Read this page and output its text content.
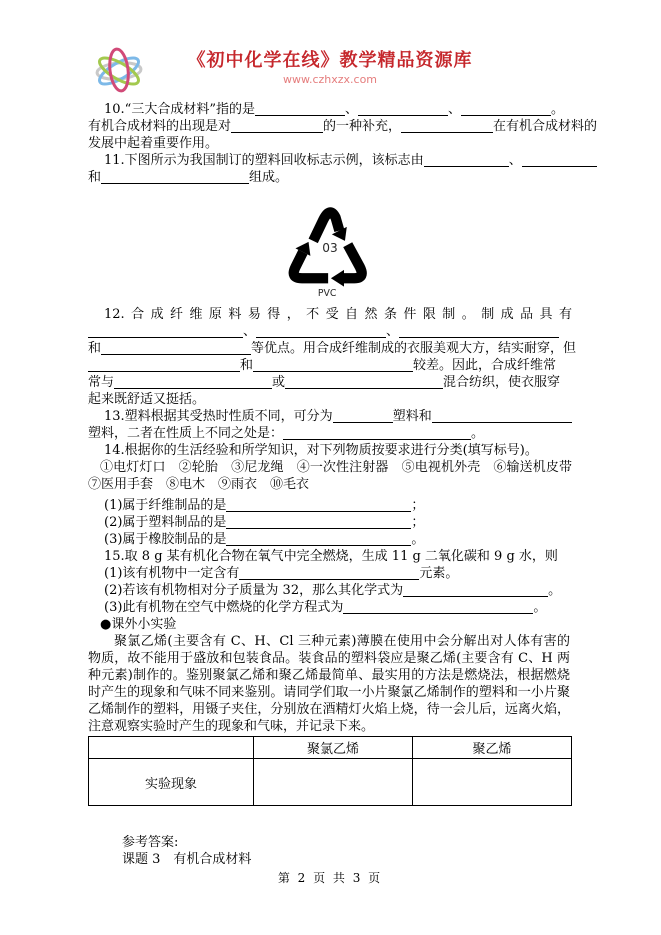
《初中化学在线》教学精品资源库
www.czhxzx.com
10.“三大合成材料”指的是	、	、	。
有机合成材料的出现是对	的一种补充，	在有机合成材料的
发展中起着重要作用。
11.下图所示为我国制订的塑料回收标志示例，该标志由	、
和	组成。
03
PVC
12.合成纤维原料易得，不受自然条件限制。制成品具有
、	、
和	等优点。用合成纤维制成的衣服美观大方，结实耐穿，但
和	较差。因此，合成纤维常
常与	或	混合纺织，使衣服穿
起来既舒适又挺括。
13.塑料根据其受热时性质不同，可分为	塑料和
塑料，二者在性质上不同之处是：	。
14.根据你的生活经验和所学知识，对下列物质按要求进行分类(填写标号)。
①电灯灯口　②轮胎　③尼龙绳　④一次性注射器　⑤电视机外壳　⑥输送机皮带
⑦医用手套　⑧电木　⑨雨衣　⑩毛衣
(1)属于纤维制品的是	；
(2)属于塑料制品的是	；
(3)属于橡胶制品的是	。
15.取 8 g 某有机化合物在氧气中完全燃烧，生成 11 g 二氧化碳和 9 g 水，则
(1)该有机物中一定含有	元素。
(2)若该有机物相对分子质量为 32，那么其化学式为	。
(3)此有机物在空气中燃烧的化学方程式为	。
●课外小实验

聚氯乙烯(主要含有 C、H、Cl 三种元素)薄膜在使用中会分解出对人体有害的物质，故不能用于盛放和包装食品。装食品的塑料袋应是聚乙烯(主要含有 C、H 两种元素)制作的。鉴别聚氯乙烯和聚乙烯最简单、最实用的方法是燃烧法，根据燃烧时产生的现象和气味不同来鉴别。请同学们取一小片聚氯乙烯制作的塑料和一小片聚乙烯制作的塑料，用镊子夹住，分别放在酒精灯火焰上烧，待一会儿后，远离火焰，注意观察实验时产生的现象和气味，并记录下来。

	聚氯乙烯	聚乙烯
实验现象		
参考答案:
课题 3　有机合成材料
第 2 页 共 3 页
